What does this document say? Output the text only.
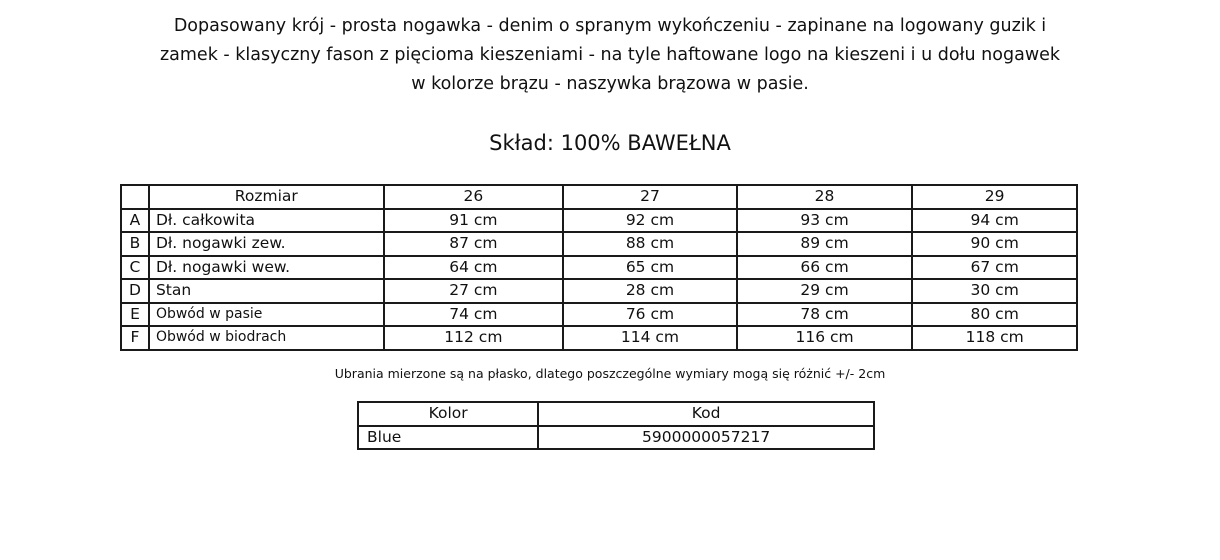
Dopasowany krój - prosta nogawka - denim o spranym wykończeniu - zapinane na logowany guzik i
zamek - klasyczny fason z pięcioma kieszeniami - na tyle haftowane logo na kieszeni i u dołu nogawek
w kolorze brązu - naszywka brązowa w pasie.
Skład: 100% BAWEŁNA
	Rozmiar	26	27	28	29
A	Dł. całkowita	91 cm	92 cm	93 cm	94 cm
B	Dł. nogawki zew.	87 cm	88 cm	89 cm	90 cm
C	Dł. nogawki wew.	64 cm	65 cm	66 cm	67 cm
D	Stan	27 cm	28 cm	29 cm	30 cm
E	Obwód w pasie	74 cm	76 cm	78 cm	80 cm
F	Obwód w biodrach	112 cm	114 cm	116 cm	118 cm
Ubrania mierzone są na płasko, dlatego poszczególne wymiary mogą się różnić +/- 2cm
Kolor	Kod
Blue	5900000057217
